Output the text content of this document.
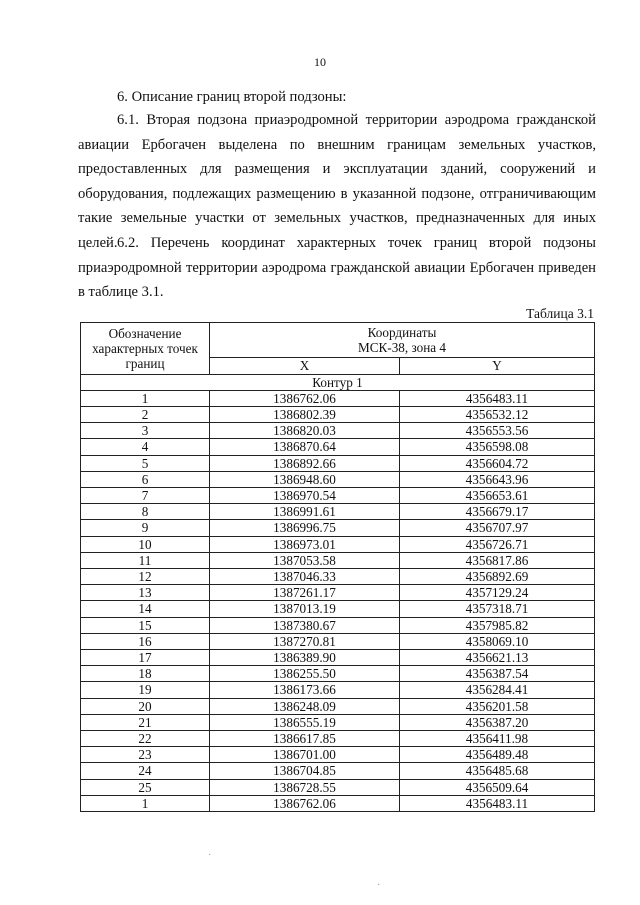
10
6. Описание границ второй подзоны:
6.1. Вторая подзона приаэродромной территории аэродрома гражданской авиации Ербогачен выделена по внешним границам земельных участков, предоставленных для размещения и эксплуатации зданий, сооружений и оборудования, подлежащих размещению в указанной подзоне, отграничивающим такие земельные участки от земельных участков, предназначенных для иных целей. 6.2. Перечень координат характерных точек границ второй подзоны приаэродромной территории аэродрома гражданской авиации Ербогачен приведен в таблице 3.1.
Таблица 3.1
Обозначение характерных точек границ	Координаты
МСК-38, зона 4	

	X	Y
Контур 1		
1	1386762.06	4356483.11
2	1386802.39	4356532.12
3	1386820.03	4356553.56
4	1386870.64	4356598.08
5	1386892.66	4356604.72
6	1386948.60	4356643.96
7	1386970.54	4356653.61
8	1386991.61	4356679.17
9	1386996.75	4356707.97
10	1386973.01	4356726.71
11	1387053.58	4356817.86
12	1387046.33	4356892.69
13	1387261.17	4357129.24
14	1387013.19	4357318.71
15	1387380.67	4357985.82
16	1387270.81	4358069.10
17	1386389.90	4356621.13
18	1386255.50	4356387.54
19	1386173.66	4356284.41
20	1386248.09	4356201.58
21	1386555.19	4356387.20
22	1386617.85	4356411.98
23	1386701.00	4356489.48
24	1386704.85	4356485.68
25	1386728.55	4356509.64
1	1386762.06	4356483.11
·
·
